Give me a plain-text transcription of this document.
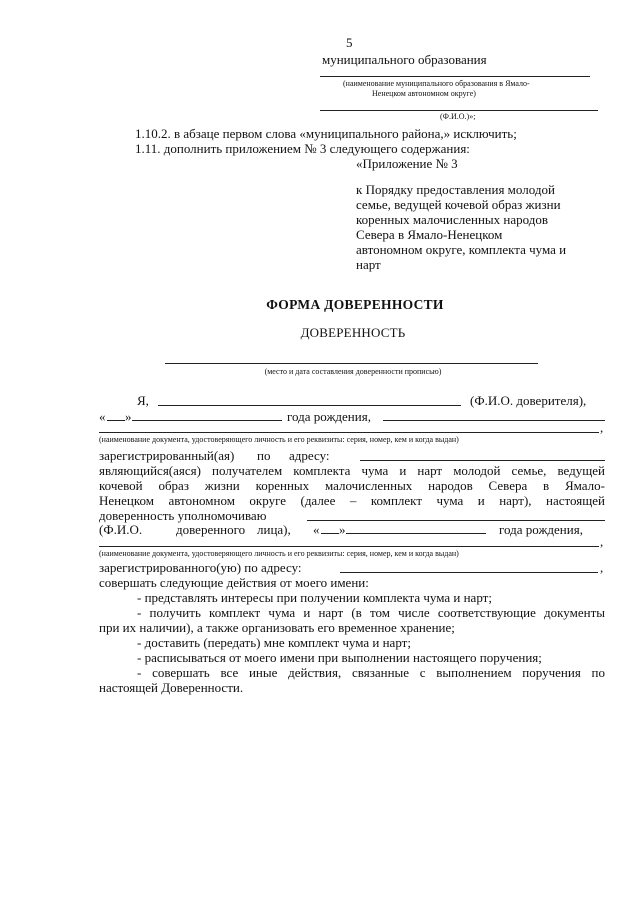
5
муниципального образования
(наименование муниципального образования в Ямало-
Ненецком автономном округе)
(Ф.И.О.)»;
1.10.2. в абзаце первом слова «муниципального района,» исключить;
1.11. дополнить приложением № 3 следующего содержания:
«Приложение № 3
к Порядку предоставления молодой
семье, ведущей кочевой образ жизни
коренных малочисленных народов
Севера в Ямало-Ненецком
автономном округе, комплекта чума и
нарт
ФОРМА ДОВЕРЕННОСТИ
ДОВЕРЕННОСТЬ
(место и дата составления доверенности прописью)
Я,	(Ф.И.О. доверителя),
« »	года рождения,
,
(наименование документа, удостоверяющего личность и его реквизиты: серия, номер, кем и когда выдан)
зарегистрированный(ая) по адресу:
являющийся(аяся) получателем комплекта чума и нарт молодой семье, ведущей
кочевой образ жизни коренных малочисленных народов Севера в Ямало-
Ненецком автономном округе (далее – комплект чума и нарт), настоящей
доверенность уполномочиваю
(Ф.И.О.	доверенного лица), « »	года рождения,
,
(наименование документа, удостоверяющего личность и его реквизиты: серия, номер, кем и когда выдан)
зарегистрированного(ую) по адресу:	,
совершать следующие действия от моего имени:
- представлять интересы при получении комплекта чума и нарт;
- получить комплект чума и нарт (в том числе соответствующие документы
при их наличии), а также организовать его временное хранение;
- доставить (передать) мне комплект чума и нарт;
- расписываться от моего имени при выполнении настоящего поручения;
- совершать все иные действия, связанные с выполнением поручения по
настоящей Доверенности.
